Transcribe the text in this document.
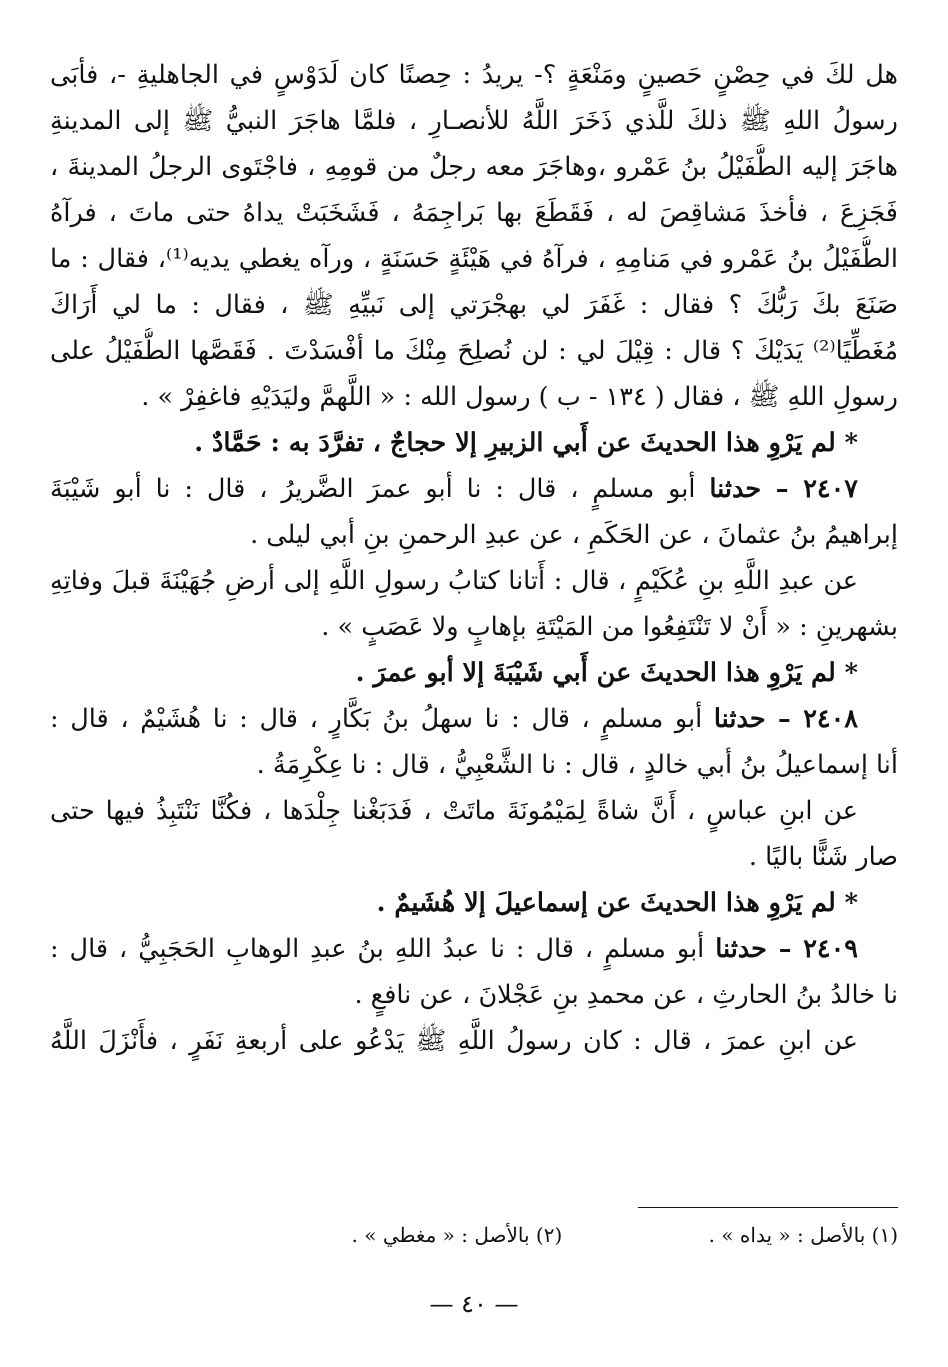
هل لكَ في حِصْنٍ حَصينٍ ومَنْعَةٍ ؟- يريدُ : حِصنًا كان لَدَوْسٍ في الجاهليةِ -، فأبَى
رسولُ اللهِ ﷺ ذلكَ للَّذي ذَخَرَ اللَّهُ للأنصـارِ ، فلمَّا هاجَرَ النبيُّ ﷺ إلى المدينةِ
هاجَرَ إليه الطُّفَيْلُ بنُ عَمْرو ،وهاجَرَ معه رجلٌ من قومِهِ ، فاجْتَوى الرجلُ المدينةَ ،
فَجَزِعَ ، فأخذَ مَشاقِصَ له ، فَقَطَعَ بها بَراجِمَهُ ، فَشَخَبَتْ يداهُ حتى ماتَ ، فرآهُ
الطُّفَيْلُ بنُ عَمْرو في مَنامِهِ ، فرآهُ في هَيْئَةٍ حَسَنَةٍ ، ورآه يغطي يديه⁽¹⁾، فقال : ما
صَنَعَ بكَ رَبُّكَ ؟ فقال : غَفَرَ لي بهجْرَتي إلى نَبيِّهِ ﷺ ، فقال : ما لي أَرَاكَ
مُغَطِّيًا⁽²⁾ يَدَيْكَ ؟ قال : قِيْلَ لي : لن نُصلِحَ مِنْكَ ما أفْسَدْتَ . فَقَصَّها الطُّفَيْلُ على
رسولِ اللهِ ﷺ ، فقال ( ١٣٤ - ب ) رسول الله : « اللَّهمَّ وليَدَيْهِ فاغفِرْ » .
* لم يَرْوِ هذا الحديثَ عن أَبي الزبيرِ إلا حجاجٌ ، تفرَّدَ به : حَمَّادٌ .
٢٤٠٧ – حدثنا أبو مسلمٍ ، قال : نا أبو عمرَ الضَّريرُ ، قال : نا أبو شَيْبَةَ
إبراهيمُ بنُ عثمانَ ، عن الحَكَمِ ، عن عبدِ الرحمنِ بنِ أبي ليلى .
عن عبدِ اللَّهِ بنِ عُكَيْمٍ ، قال : أَتانا كتابُ رسولِ اللَّهِ إلى أرضِ جُهَيْنَةَ قبلَ وفاتِهِ
بشهرينِ : « أَنْ لا تَنْتَفِعُوا من المَيْتَةِ بإهابٍ ولا عَصَبٍ » .
* لم يَرْوِ هذا الحديثَ عن أَبي شَيْبَةَ إلا أبو عمرَ .
٢٤٠٨ – حدثنا أبو مسلمٍ ، قال : نا سهلُ بنُ بَكَّارٍ ، قال : نا هُشَيْمٌ ، قال :
أنا إسماعيلُ بنُ أبي خالدٍ ، قال : نا الشَّعْبِيُّ ، قال : نا عِكْرِمَةُ .
عن ابنِ عباسٍ ، أَنَّ شاةً لِمَيْمُونَةَ ماتَتْ ، فَدَبَغْنا جِلْدَها ، فكُنَّا نَنْتَبِذُ فيها حتى
صار شَنًّا باليًا .
* لم يَرْوِ هذا الحديثَ عن إسماعيلَ إلا هُشَيمٌ .
٢٤٠٩ – حدثنا أبو مسلمٍ ، قال : نا عبدُ اللهِ بنُ عبدِ الوهابِ الحَجَبِيُّ ، قال :
نا خالدُ بنُ الحارثِ ، عن محمدِ بنِ عَجْلانَ ، عن نافعٍ .
عن ابنِ عمرَ ، قال : كان رسولُ اللَّهِ ﷺ يَدْعُو على أربعةِ نَفَرٍ ، فأَنْزَلَ اللَّهُ
(١) بالأصل : « يداه » . (٢) بالأصل : « مغطي » .
— ٤٠ —
